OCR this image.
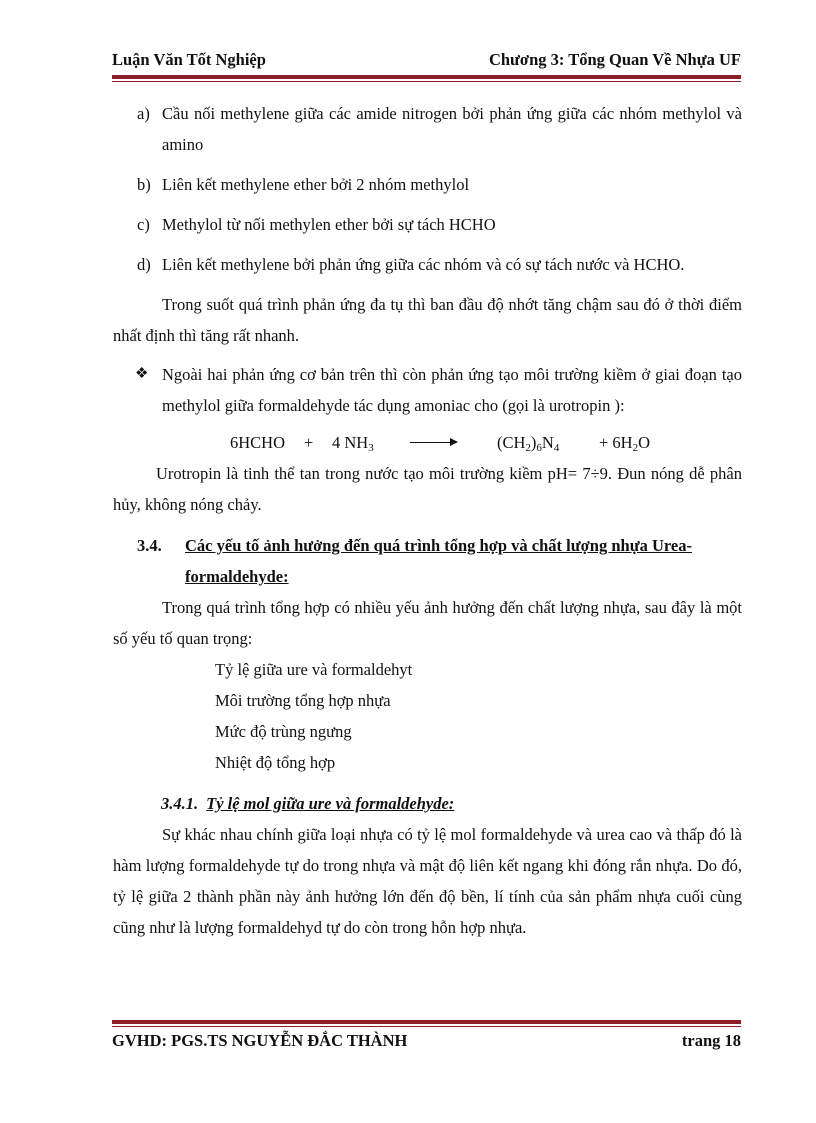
Luận Văn Tốt Nghiệp	Chương 3: Tổng Quan Về Nhựa UF
a) Cầu nối methylene giữa các amide nitrogen bởi phản ứng giữa các nhóm methylol và amino

b) Liên kết methylene ether bởi 2 nhóm methylol

c) Methylol từ nối methylen ether bởi sự tách HCHO

d) Liên kết methylene bởi phản ứng giữa các nhóm và có sự tách nước và HCHO.

Trong suốt quá trình phản ứng đa tụ thì ban đầu độ nhớt tăng chậm sau đó ở thời điểm nhất định thì tăng rất nhanh.

❖ Ngoài hai phản ứng cơ bản trên thì còn phản ứng tạo môi trường kiềm ở giai đoạn tạo methylol giữa formaldehyde tác dụng amoniac cho (gọi là urotropin ):

6HCHO + 4 $NH_3$	$(CH_2)_6N_4 + 6H_2O$

Urotropin là tinh thể tan trong nước tạo môi trường kiềm pH= 7÷9. Đun nóng dễ phân hủy, không nóng chảy.

3.4. Các yếu tố ảnh hưởng đến quá trình tổng hợp và chất lượng nhựa Urea-formaldehyde:

Trong quá trình tổng hợp có nhiều yếu ảnh hưởng đến chất lượng nhựa, sau đây là một số yếu tố quan trọng:

Tỷ lệ giữa ure và formaldehyt

Môi trường tổng hợp nhựa

Mức độ trùng ngưng

Nhiệt độ tổng hợp

3.4.1. Tỷ lệ mol giữa ure và formaldehyde:

Sự khác nhau chính giữa loại nhựa có tỷ lệ mol formaldehyde và urea cao và thấp đó là hàm lượng formaldehyde tự do trong nhựa và mật độ liên kết ngang khi đóng rắn nhựa. Do đó, tỷ lệ giữa 2 thành phần này ảnh hưởng lớn đến độ bền, lí tính của sản phẩm nhựa cuối cùng cũng như là lượng formaldehyd tự do còn trong hỗn hợp nhựa.

GVHD: PGS.TS NGUYỄN ĐẮC THÀNH	trang 18
